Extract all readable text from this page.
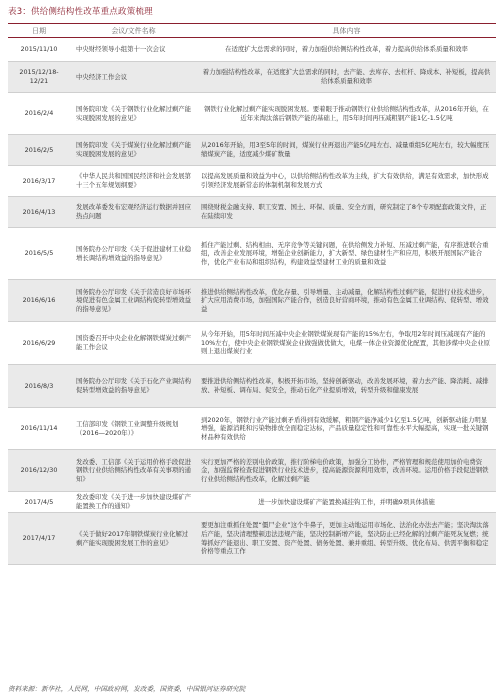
表3：供给侧结构性改革重点政策梳理
日期	会议/文件名称	具体内容
2015/11/10	中央财经领导小组第十一次会议	在适度扩大总需求的同时，着力加强供给侧结构性改革，着力提高供给体系质量和效率
2015/12/18-12/21	中央经济工作会议	着力加强结构性改革，在适度扩大总需求的同时，去产能、去库存、去杠杆、降成本、补短板，提高供给体系质量和效率
2016/2/4	国务院印发《关于钢铁行业化解过剩产能实现脱困发展的意见》	钢铁行业化解过剩产能实现脱困发展。要着眼于推动钢铁行业供给侧结构性改革，从2016年开始，在近年来淘汰落后钢铁产能的基础上，用5年时间再压减粗钢产能1亿-1.5亿吨
2016/2/5	国务院印发《关于煤炭行业化解过剩产能实现脱困发展的意见》	从2016年开始，用3至5年的时间，煤炭行业再退出产能5亿吨左右、减量重组5亿吨左右，较大幅度压缩煤炭产能，适度减少煤矿数量
2016/3/17	《中华人民共和国国民经济和社会发展第十三个五年规划纲要》	以提高发展质量和效益为中心，以供给侧结构性改革为主线，扩大有效供给，满足有效需求，加快形成引领经济发展新常态的体制机制和发展方式
2016/4/13	发展改革委发布宏观经济运行数据并回应热点问题	围绕财税金融支持、职工安置、国土、环保、质量、安全方面，研究制定了8个专项配套政策文件，正在陆续印发
2016/5/5	国务院办公厅印发《关于促进建材工业稳增长调结构增效益的指导意见》	抓住产能过剩、结构相由、无序竞争等关键问题，在供给侧发力补短、压减过剩产能，有序推进联合重组，改善企业发展环境，增强企业创新能力，扩大新型、绿色建材生产和应用，积极开展国际产能合作，优化产业布局和组织结构，构建效益型建材工业的质量和效益
2016/6/16	国务院办公厅印发《关于营造良好市场环境促进有色金属工业调结构促转型增效益的指导意见》	推进供给侧结构性改革，优化存量、引导增量、主动减量，化解结构性过剩产能，促进行业技术进步，扩大应用消费市场，加强国际产能合作，创造良好营商环境，推动有色金属工业调结构、促转型、增效益
2016/6/29	国资委召开中央企业化解钢铁煤炭过剩产能工作会议	从今年开始，用5年时间压减中央企业钢铁煤炭现有产能的15%左右，争取用2年时间压减现有产能的10%左右，使中央企业钢铁煤炭企业做强做优做大，电煤一体企业资源优化配置，其他涉煤中央企业原则上退出煤炭行业
2016/8/3	国务院办公厅印发《关于石化产业调结构促转型增效益的指导意见》	要推进供给侧结构性改革，积极开拓市场，坚持创新驱动，改善发展环境，着力去产能、降消耗、减排放、补短板、调布局、促安全，推动石化产业提质增效，转型升级和健康发展
2016/11/14	工信部印发《钢铁工业调整升级规划（2016—2020年）》	到2020年，钢铁行业产能过剩矛盾得到有效缓解，粗钢产能净减少1亿至1.5亿吨，创新驱动能力明显增强，能源消耗和污染物排放全面稳定达标，产品质量稳定性和可靠性水平大幅提高，实现一批关键钢材品种有效供给
2016/12/30	发改委、工信部《关于运用价格手段促进钢铁行业供给侧结构性改革有关事项的通知》	实行更加严格的差别电价政策，推行阶梯电价政策，加强分工协作，严格管理和规范使用加价电费资金，加强监督检查促进钢铁行业技术进步，提高能源资源利用效率，改善环境。运用价格手段促进钢铁行业供给侧结构性改革，化解过剩产能
2017/4/5	发改委印发《关于进一步加快建设煤矿产能置换工作的通知》	进一步加快建设煤矿产能置换减挂钩工作，并明确9项具体措施
2017/4/17	《关于做好2017年钢铁煤炭行业化解过剩产能实现脱困发展工作的意见》	要更加注重抓住处置“僵尸企业”这个牛鼻子，更加主动地运用市场化、法治化办法去产能；坚决淘汰落后产能，坚决清理整顿违法违规产能，坚决控制新增产能，坚决防止已经化解的过剩产能死灰复燃；统筹抓好产能退出、职工安置、资产处置、债务处置、兼并重组、转型升级、优化布局、供需平衡和稳定价格等重点工作
资料来源：新华社，人民网，中国政府网，发改委，国资委，中国银河证券研究院
